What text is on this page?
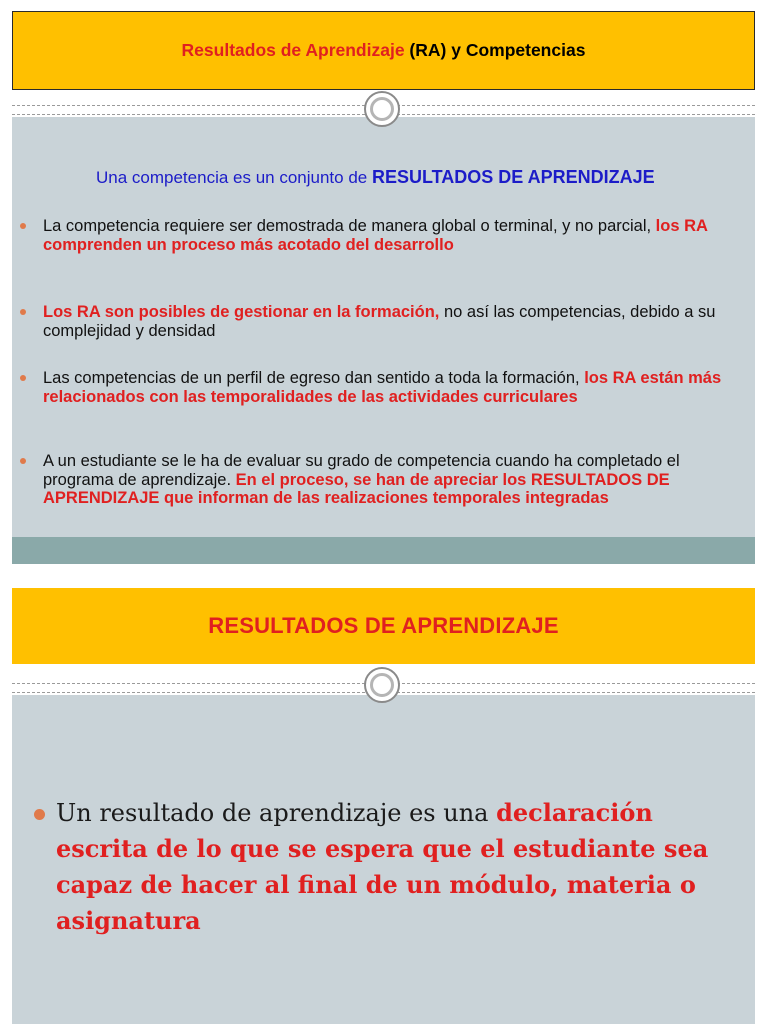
Resultados de Aprendizaje (RA) y Competencias
Una competencia es un conjunto de RESULTADOS DE APRENDIZAJE
La competencia requiere ser demostrada de manera global o terminal, y no parcial, los RA comprenden un proceso más acotado del desarrollo
Los RA son posibles de gestionar en la formación, no así las competencias, debido a su complejidad y densidad
Las competencias de un perfil de egreso dan sentido a toda la formación, los RA están más relacionados con las temporalidades de las actividades curriculares
A un estudiante se le ha de evaluar su grado de competencia cuando ha completado el programa de aprendizaje. En el proceso, se han de apreciar los RESULTADOS DE APRENDIZAJE que informan de las realizaciones temporales integradas
RESULTADOS DE APRENDIZAJE
Un resultado de aprendizaje es una declaración escrita de lo que se espera que el estudiante sea capaz de hacer al final de un módulo, materia o asignatura
